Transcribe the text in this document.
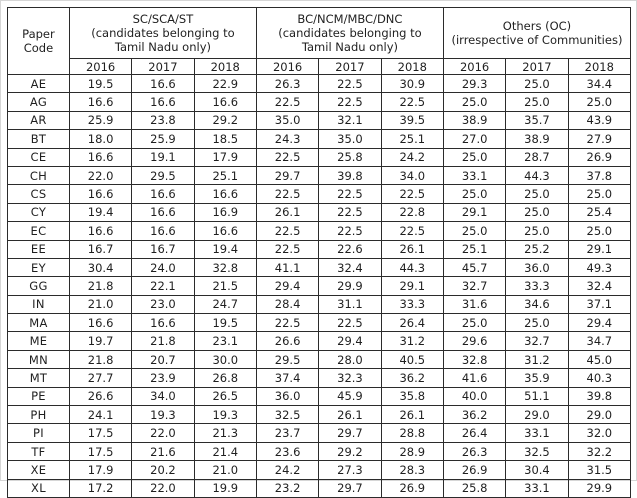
Paper
Code	SC/SCA/ST
(candidates belonging to
Tamil Nadu only)			BC/NCM/MBC/DNC
(candidates belonging to
Tamil Nadu only)			Others (OC)
(irrespective of Communities)		

	2016	2017	2018	2016	2017	2018	2016	2017	2018
AE	19.5	16.6	22.9	26.3	22.5	30.9	29.3	25.0	34.4
AG	16.6	16.6	16.6	22.5	22.5	22.5	25.0	25.0	25.0
AR	25.9	23.8	29.2	35.0	32.1	39.5	38.9	35.7	43.9
BT	18.0	25.9	18.5	24.3	35.0	25.1	27.0	38.9	27.9
CE	16.6	19.1	17.9	22.5	25.8	24.2	25.0	28.7	26.9
CH	22.0	29.5	25.1	29.7	39.8	34.0	33.1	44.3	37.8
CS	16.6	16.6	16.6	22.5	22.5	22.5	25.0	25.0	25.0
CY	19.4	16.6	16.9	26.1	22.5	22.8	29.1	25.0	25.4
EC	16.6	16.6	16.6	22.5	22.5	22.5	25.0	25.0	25.0
EE	16.7	16.7	19.4	22.5	22.6	26.1	25.1	25.2	29.1
EY	30.4	24.0	32.8	41.1	32.4	44.3	45.7	36.0	49.3
GG	21.8	22.1	21.5	29.4	29.9	29.1	32.7	33.3	32.4
IN	21.0	23.0	24.7	28.4	31.1	33.3	31.6	34.6	37.1
MA	16.6	16.6	19.5	22.5	22.5	26.4	25.0	25.0	29.4
ME	19.7	21.8	23.1	26.6	29.4	31.2	29.6	32.7	34.7
MN	21.8	20.7	30.0	29.5	28.0	40.5	32.8	31.2	45.0
MT	27.7	23.9	26.8	37.4	32.3	36.2	41.6	35.9	40.3
PE	26.6	34.0	26.5	36.0	45.9	35.8	40.0	51.1	39.8
PH	24.1	19.3	19.3	32.5	26.1	26.1	36.2	29.0	29.0
PI	17.5	22.0	21.3	23.7	29.7	28.8	26.4	33.1	32.0
TF	17.5	21.6	21.4	23.6	29.2	28.9	26.3	32.5	32.2
XE	17.9	20.2	21.0	24.2	27.3	28.3	26.9	30.4	31.5
XL	17.2	22.0	19.9	23.2	29.7	26.9	25.8	33.1	29.9
